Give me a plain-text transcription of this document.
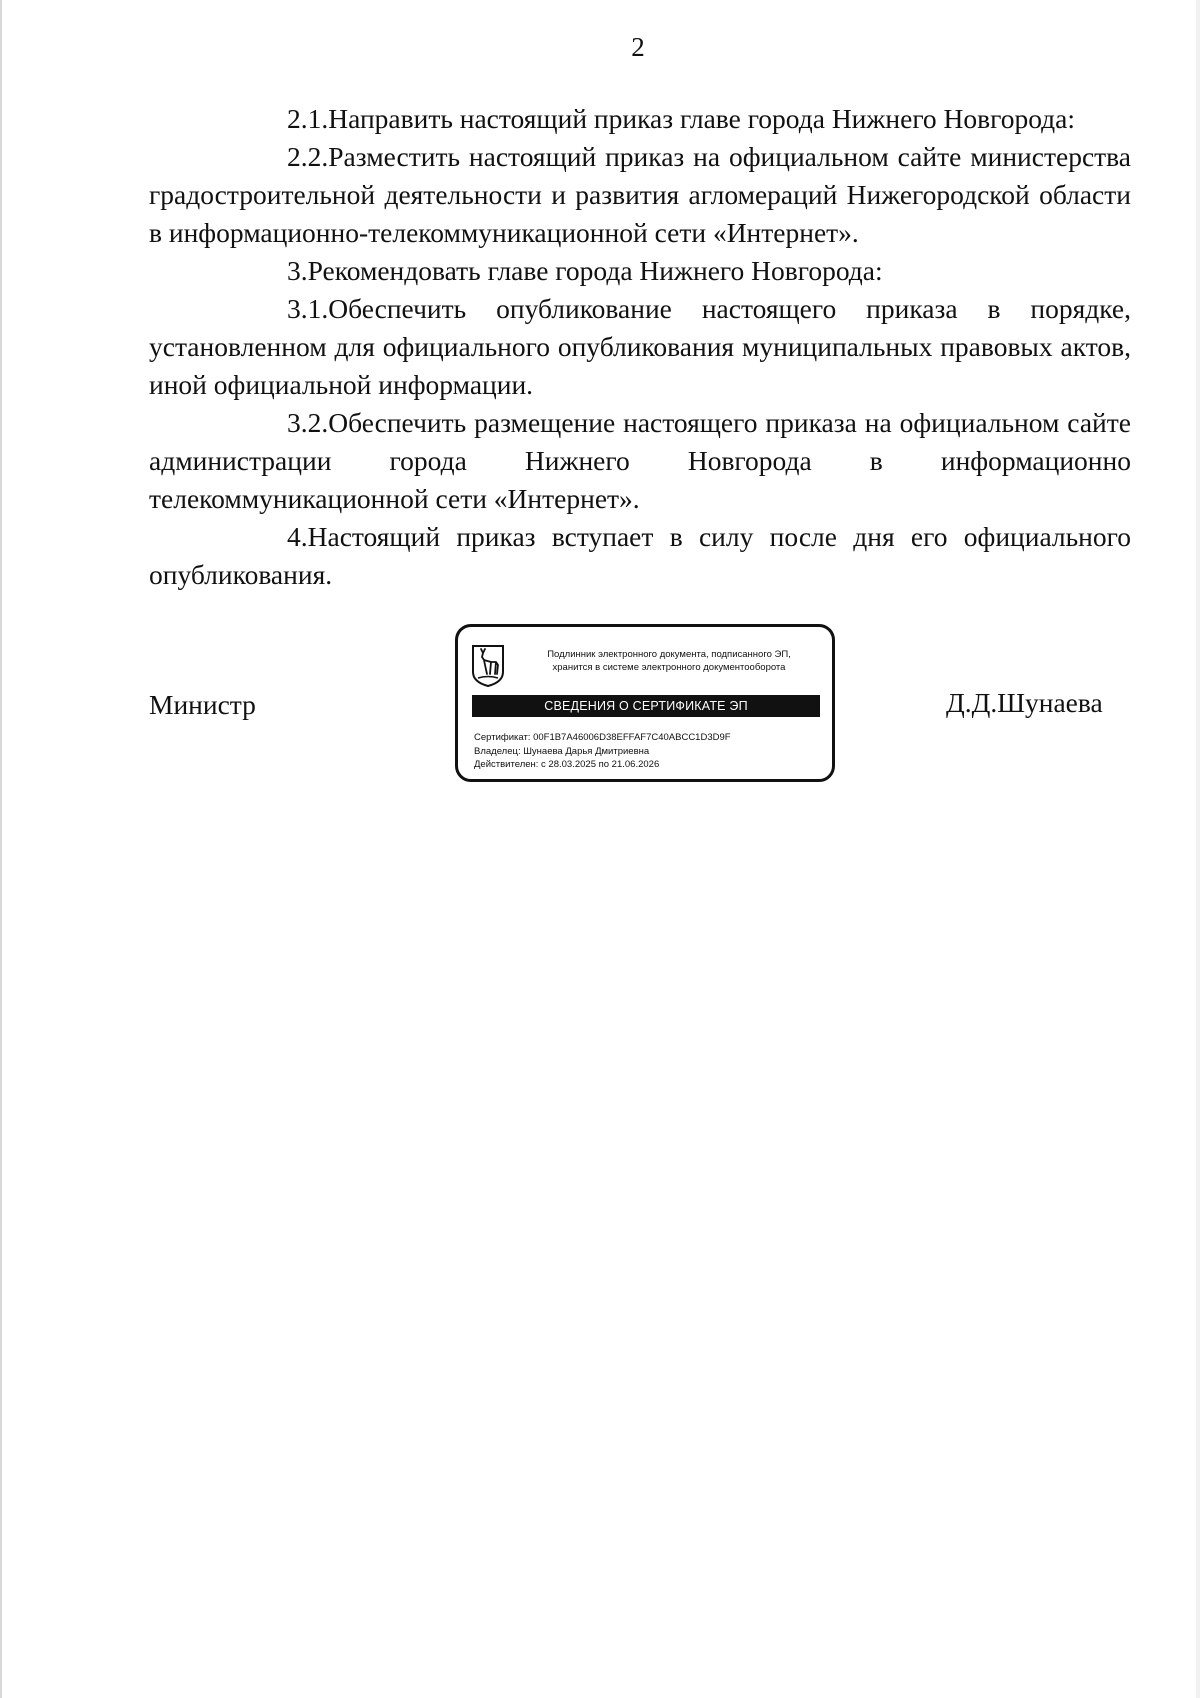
2

2.1.Направить настоящий приказ главе города Нижнего Новгорода:

2.2.Разместить настоящий приказ на официальном сайте министерства градостроительной деятельности и развития агломераций Нижегородской области в информационно-телекоммуникационной сети «Интернет».

3.Рекомендовать главе города Нижнего Новгорода:

3.1.Обеспечить опубликование настоящего приказа в порядке, установленном для официального опубликования муниципальных правовых актов, иной официальной информации.

3.2.Обеспечить размещение настоящего приказа на официальном сайте администрации города Нижнего Новгорода в информационно телекоммуникационной сети «Интернет».

4.Настоящий приказ вступает в силу после дня его официального опубликования.

Министр
Подлинник электронного документа, подписанного ЭП,
хранится в системе электронного документооборота
СВЕДЕНИЯ О СЕРТИФИКАТЕ ЭП
Сертификат: 00F1B7A46006D38EFFAF7C40ABCC1D3D9F
Владелец: Шунаева Дарья Дмитриевна
Действителен: с 28.03.2025 по 21.06.2026
Д.Д.Шунаева
